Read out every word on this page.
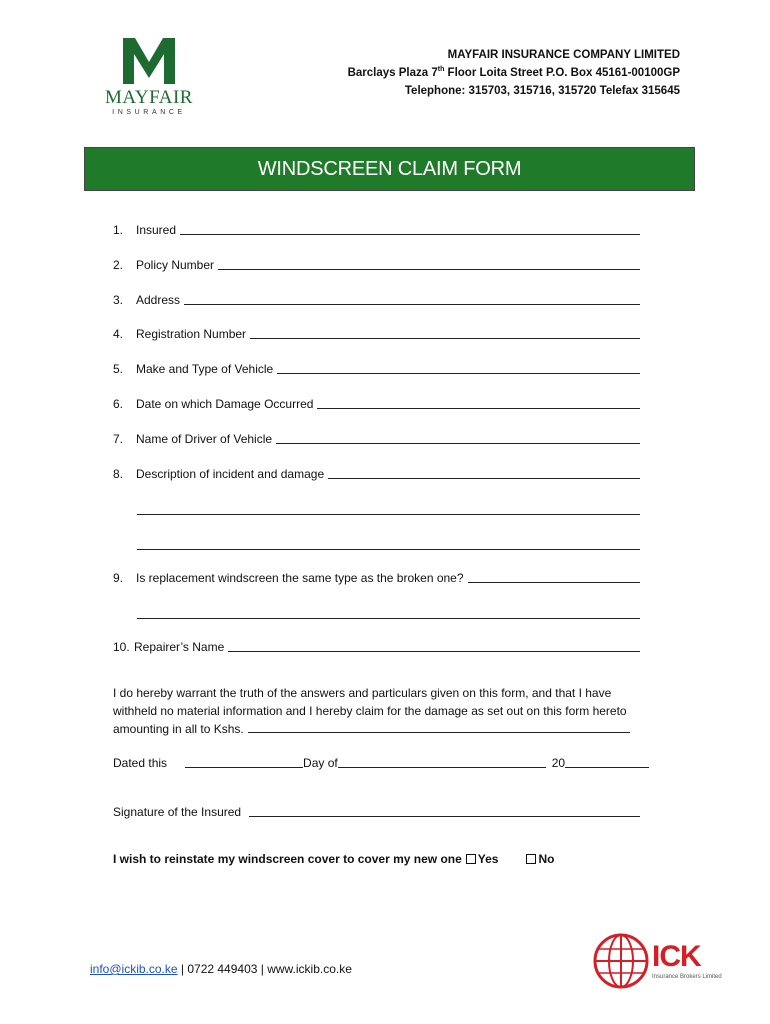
MAYFAIR
INSURANCE
MAYFAIR INSURANCE COMPANY LIMITED
Barclays Plaza 7th Floor Loita Street P.O. Box 45161-00100GP
Telephone: 315703, 315716, 315720 Telefax 315645
WINDSCREEN CLAIM FORM
1. Insured
2. Policy Number
3. Address
4. Registration Number
5. Make and Type of Vehicle
6. Date on which Damage Occurred
7. Name of Driver of Vehicle
8. Description of incident and damage
9. Is replacement windscreen the same type as the broken one?
10. Repairer’s Name
I do hereby warrant the truth of the answers and particulars given on this form, and that I have
withheld no material information and I hereby claim for the damage as set out on this form hereto
amounting in all to Kshs.
Dated this	Day of	20
Signature of the Insured
I wish to reinstate my windscreen cover to cover my new one Yes	No
info@ickib.co.ke | 0722 449403 | www.ickib.co.ke	ICK
Insurance Brokers Limited
